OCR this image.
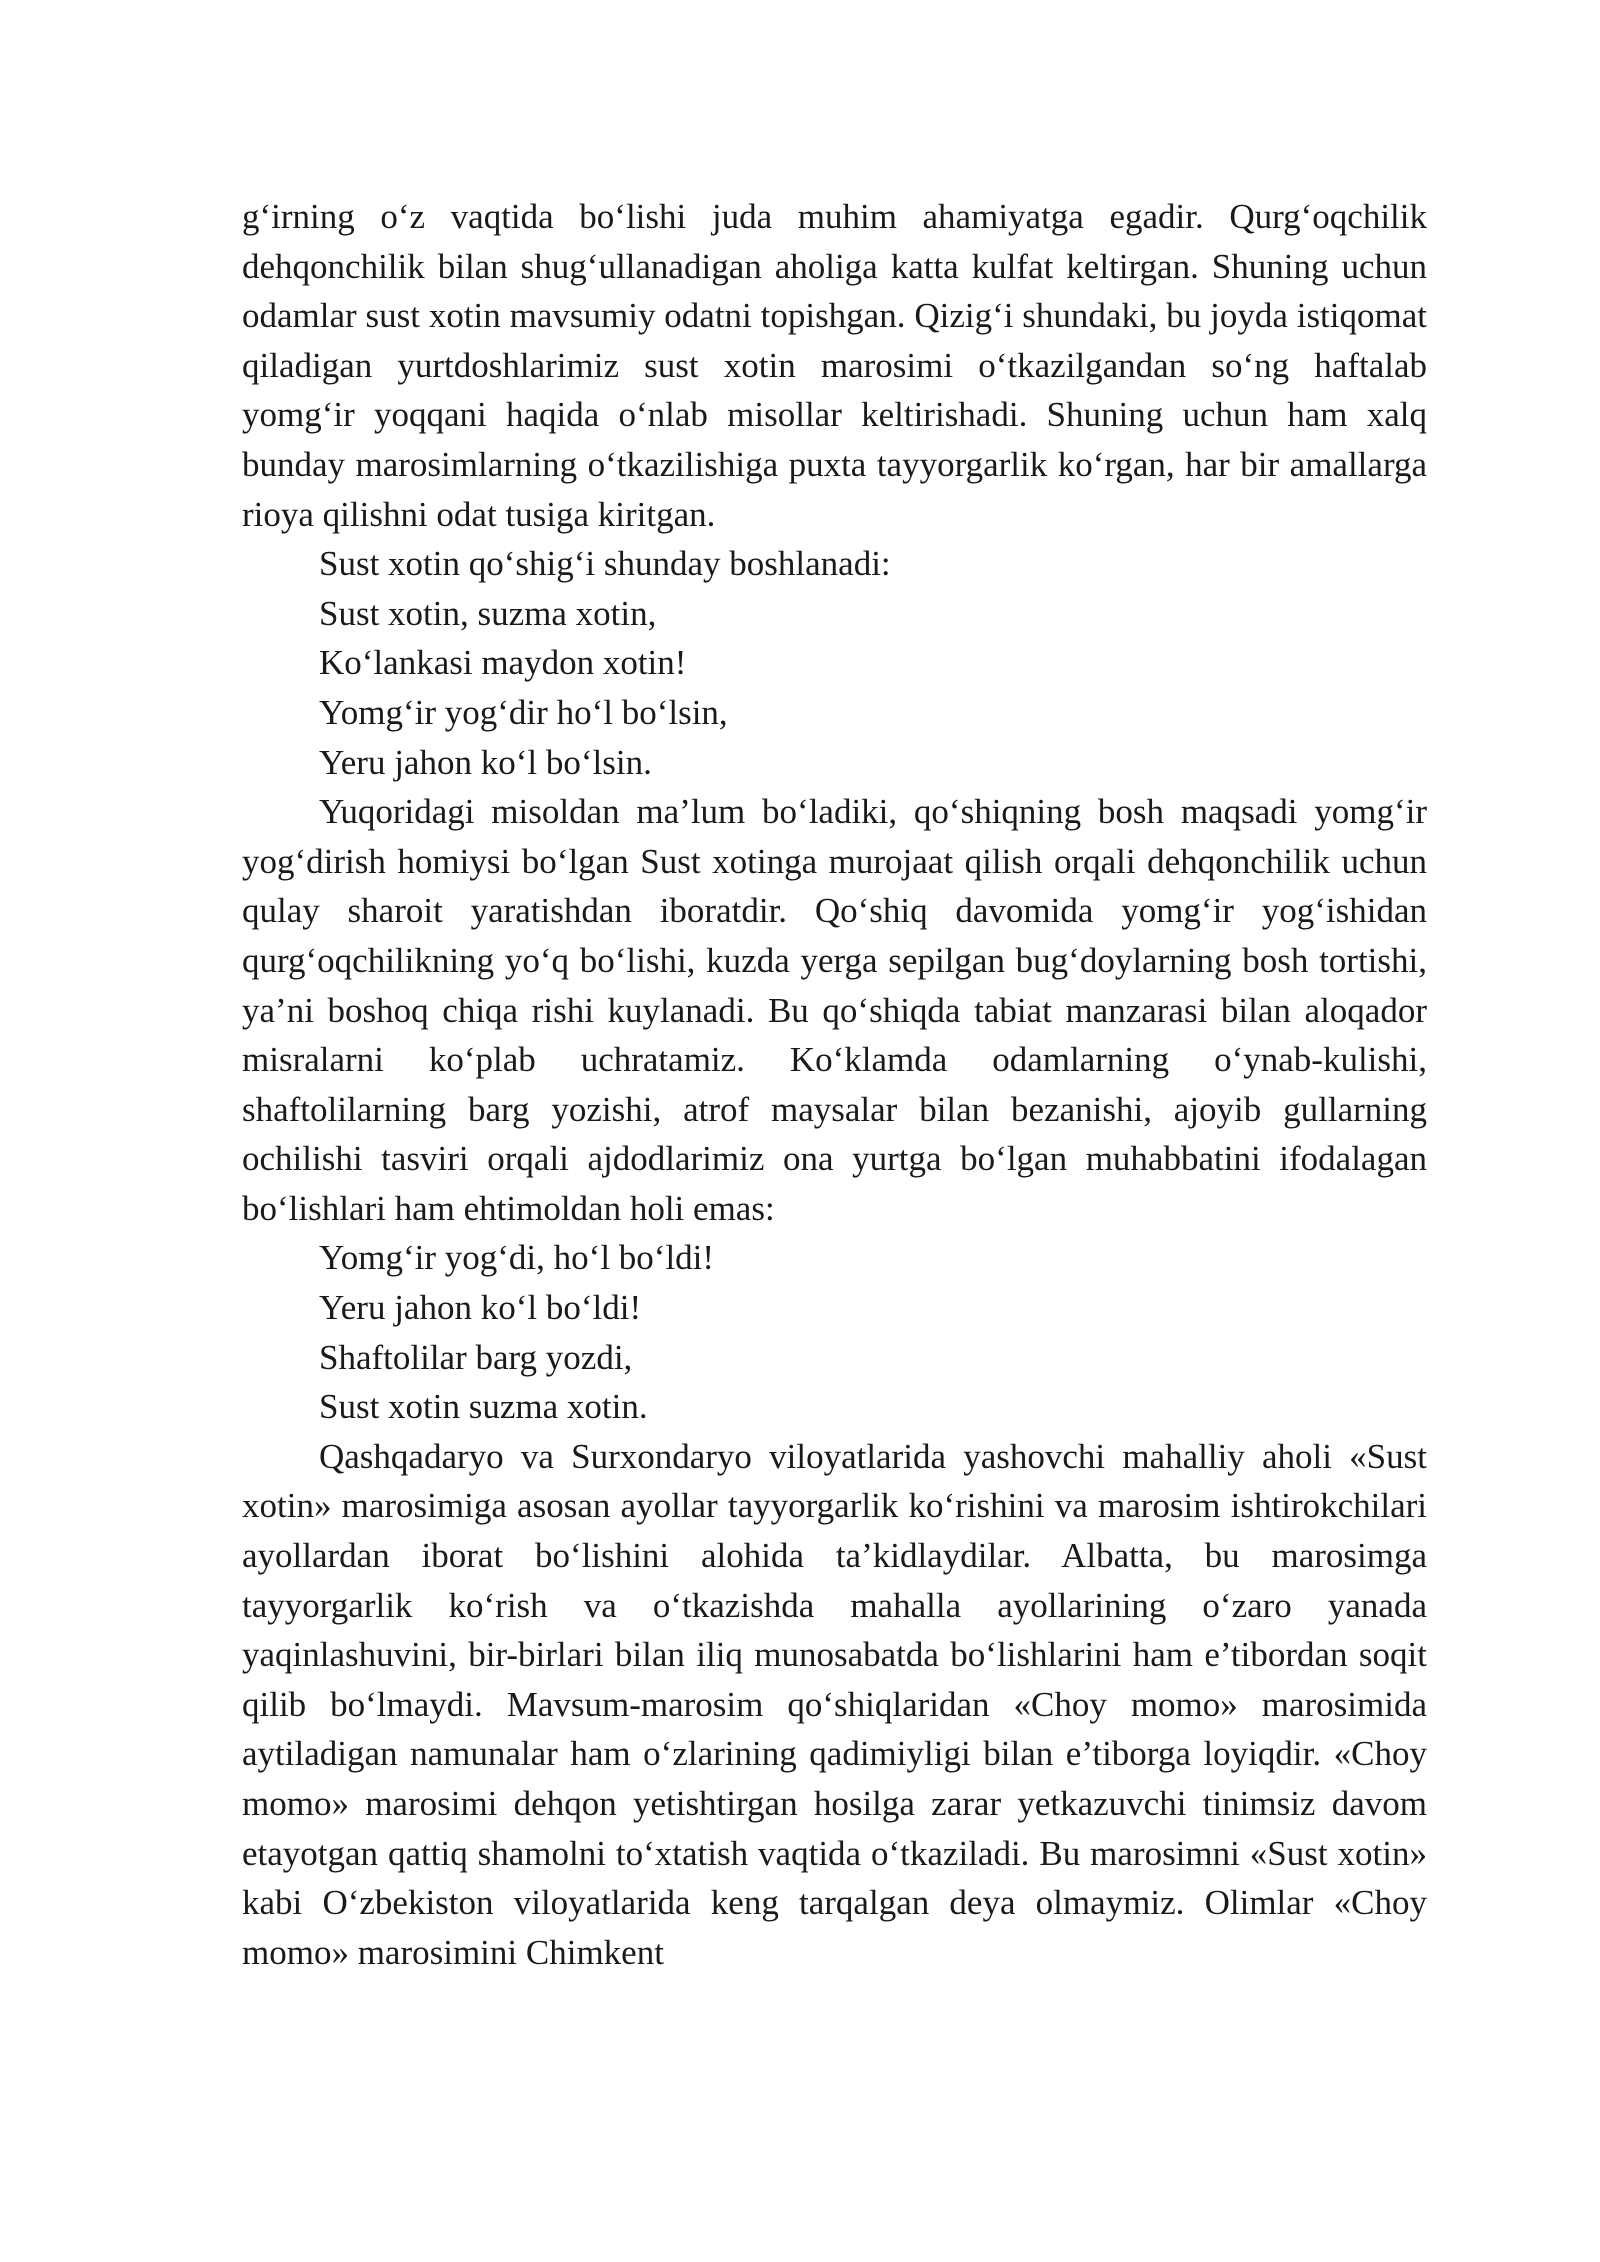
g‘irning o‘z vaqtida bo‘lishi juda muhim ahamiyatga egadir. Qurg‘oqchilik dehqonchilik bilan shug‘ullanadigan aholiga katta kulfat keltirgan. Shuning uchun odamlar sust xotin mavsumiy odatni topishgan. Qizig‘i shundaki, bu joyda istiqomat qiladigan yurtdoshlarimiz sust xotin marosimi o‘tkazilgandan so‘ng haftalab yomg‘ir yoqqani haqida o‘nlab misollar keltirishadi. Shuning uchun ham xalq bunday marosimlarning o‘tkazilishiga puxta tayyorgarlik ko‘rgan, har bir amallarga rioya qilishni odat tusiga kiritgan.

Sust xotin qo‘shig‘i shunday boshlanadi:

Sust xotin, suzma xotin,

Ko‘lankasi maydon xotin!

Yomg‘ir yog‘dir ho‘l bo‘lsin,

Yeru jahon ko‘l bo‘lsin.

Yuqoridagi misoldan ma’lum bo‘ladiki, qo‘shiqning bosh maqsadi yomg‘ir yog‘dirish homiysi bo‘lgan Sust xotinga murojaat qilish orqali dehqonchilik uchun qulay sharoit yaratishdan iboratdir. Qo‘shiq davomida yomg‘ir yog‘ishidan qurg‘oqchilikning yo‘q bo‘lishi, kuzda yerga sepilgan bug‘doylarning bosh tortishi, ya’ni boshoq chiqa rishi kuylanadi. Bu qo‘shiqda tabiat manzarasi bilan aloqador misralarni ko‘plab uchratamiz. Ko‘klamda odamlarning o‘ynab-kulishi, shaftolilarning barg yozishi, atrof maysalar bilan bezanishi, ajoyib gullarning ochilishi tasviri orqali ajdodlarimiz ona yurtga bo‘lgan muhabbatini ifodalagan bo‘lishlari ham ehtimoldan holi emas:

Yomg‘ir yog‘di, ho‘l bo‘ldi!

Yeru jahon ko‘l bo‘ldi!

Shaftolilar barg yozdi,

Sust xotin suzma xotin.

Qashqadaryo va Surxondaryo viloyatlarida yashovchi mahalliy aholi «Sust xotin» marosimiga asosan ayollar tayyorgarlik ko‘rishini va marosim ishtirokchilari ayollardan iborat bo‘lishini alohida ta’kidlaydilar. Albatta, bu marosimga tayyorgarlik ko‘rish va o‘tkazishda mahalla ayollarining o‘zaro yanada yaqinlashuvini, bir-birlari bilan iliq munosabatda bo‘lishlarini ham e’tibordan soqit qilib bo‘lmaydi. Mavsum-marosim qo‘shiqlaridan «Choy momo» marosimida aytiladigan namunalar ham o‘zlarining qadimiyligi bilan e’tiborga loyiqdir. «Choy momo» marosimi dehqon yetishtirgan hosilga zarar yetkazuvchi tinimsiz davom etayotgan qattiq shamolni to‘xtatish vaqtida o‘tkaziladi. Bu marosimni «Sust xotin» kabi O‘zbekiston viloyatlarida keng tarqalgan deya olmaymiz. Olimlar «Choy momo» marosimini Chimkent
